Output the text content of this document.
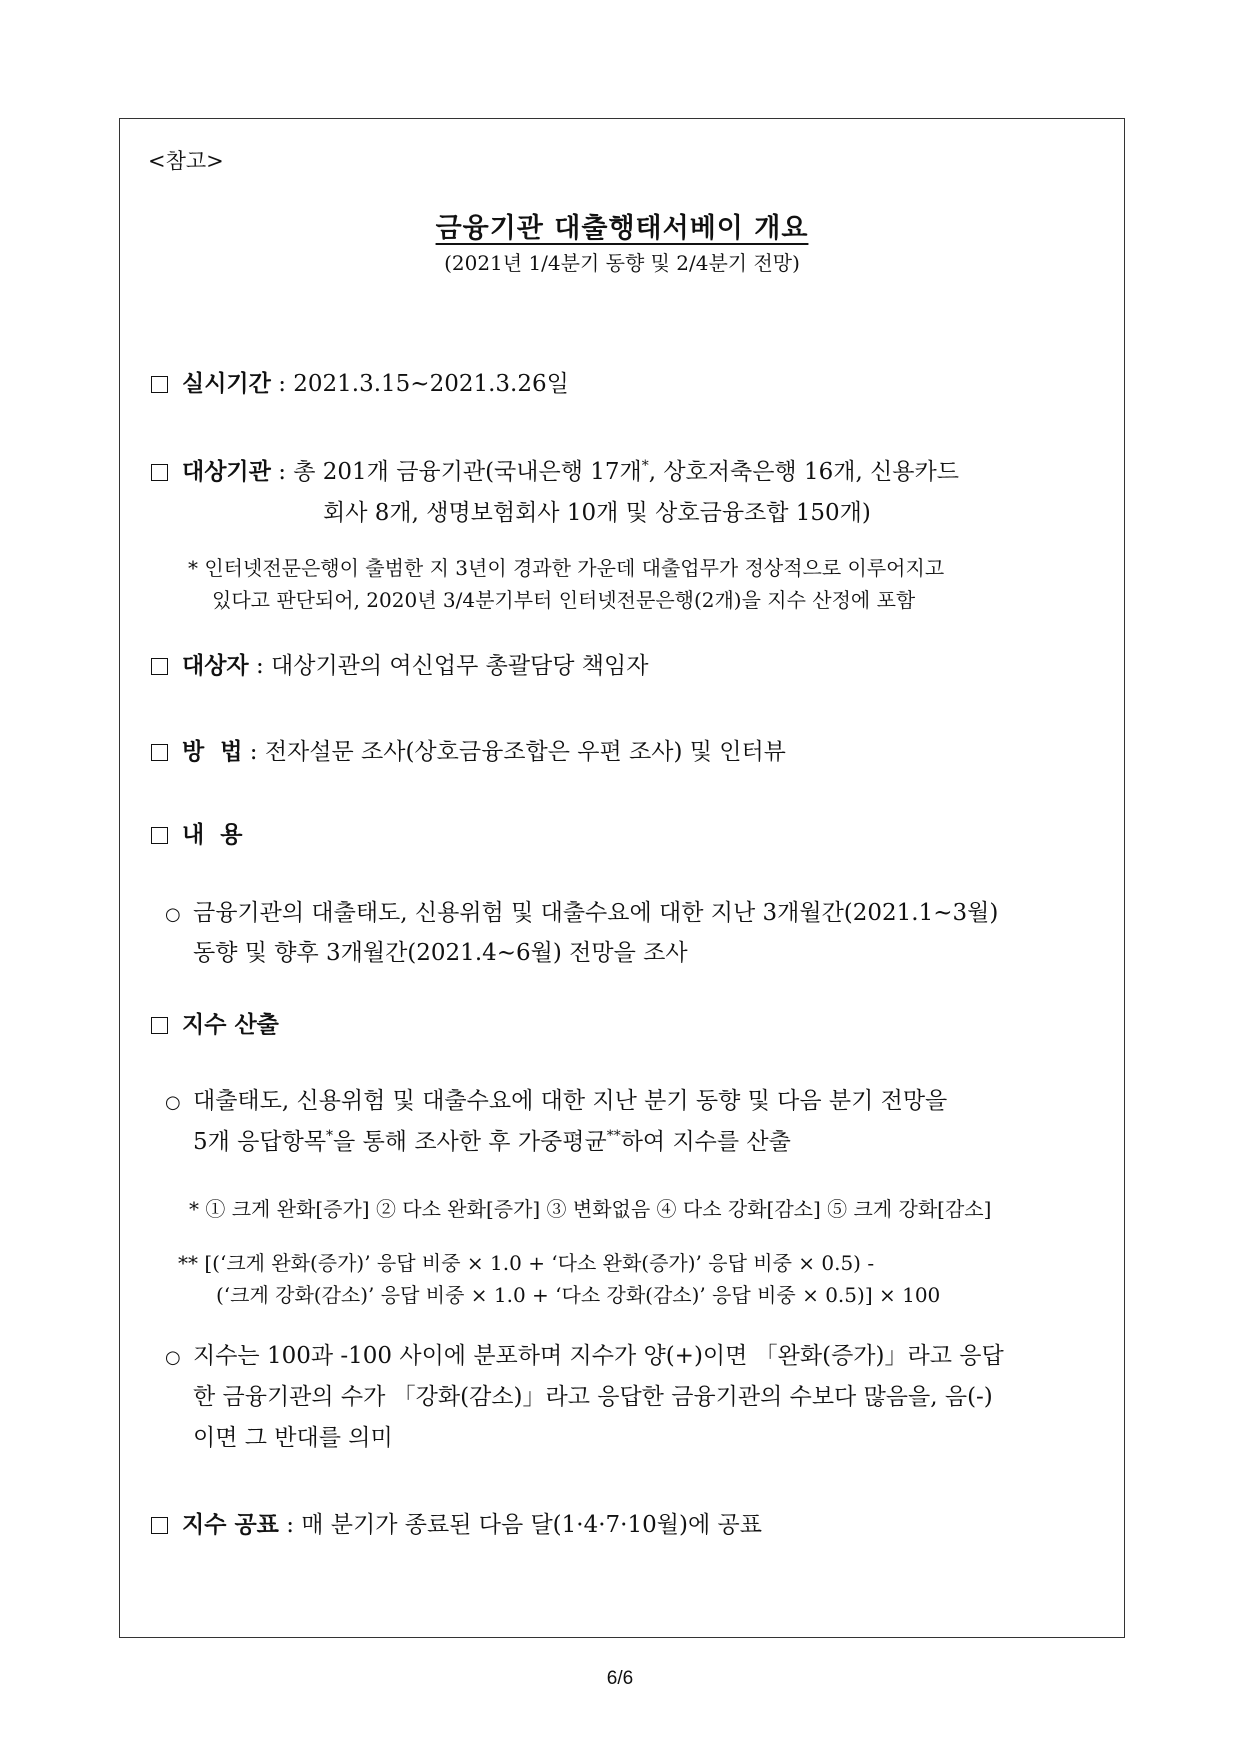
<참고>
금융기관 대출행태서베이 개요
(2021년 1/4분기 동향 및 2/4분기 전망)
실시기간 : 2021.3.15~2021.3.26일
대상기관 : 총 201개 금융기관(국내은행 17개*, 상호저축은행 16개, 신용카드
회사 8개, 생명보험회사 10개 및 상호금융조합 150개)
* 인터넷전문은행이 출범한 지 3년이 경과한 가운데 대출업무가 정상적으로 이루어지고
있다고 판단되어, 2020년 3/4분기부터 인터넷전문은행(2개)을 지수 산정에 포함
대상자 : 대상기관의 여신업무 총괄담당 책임자
방  법 : 전자설문 조사(상호금융조합은 우편 조사) 및 인터뷰
내  용
○ 금융기관의 대출태도, 신용위험 및 대출수요에 대한 지난 3개월간(2021.1~3월)
동향 및 향후 3개월간(2021.4∼6월) 전망을 조사
지수 산출
○ 대출태도, 신용위험 및 대출수요에 대한 지난 분기 동향 및 다음 분기 전망을
5개 응답항목*을 통해 조사한 후 가중평균**하여 지수를 산출
* ① 크게 완화[증가] ② 다소 완화[증가] ③ 변화없음 ④ 다소 강화[감소] ⑤ 크게 강화[감소]
** [(‘크게 완화(증가)’ 응답 비중 × 1.0 + ‘다소 완화(증가)’ 응답 비중 × 0.5) -
(‘크게 강화(감소)’ 응답 비중 × 1.0 + ‘다소 강화(감소)’ 응답 비중 × 0.5)] × 100
○ 지수는 100과 -100 사이에 분포하며 지수가 양(+)이면 「완화(증가)」라고 응답
한 금융기관의 수가 「강화(감소)」라고 응답한 금융기관의 수보다 많음을, 음(-)
이면 그 반대를 의미
지수 공표 : 매 분기가 종료된 다음 달(1·4·7·10월)에 공표
6/6
